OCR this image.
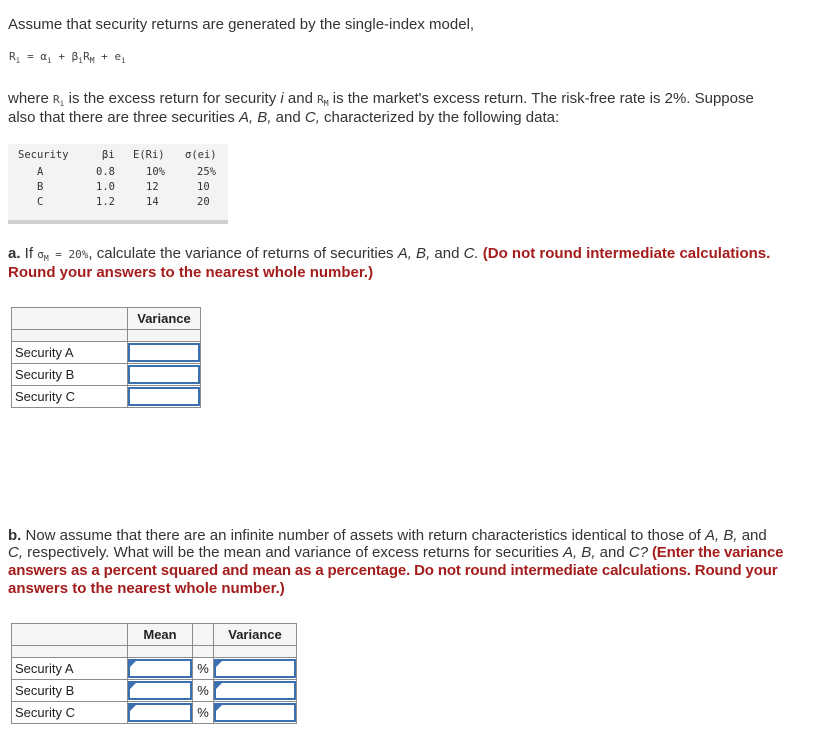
Assume that security returns are generated by the single-index model,

$R_i = \alpha_i + \beta_iR_M + e_i$

where $R_i$ is the excess return for security i and $R_M$ is the market's excess return. The risk-free rate is 2%. Suppose

also that there are three securities A, B, and C, characterized by the following data:

Security	βi E(Ri) σ(ei)
A	0.8	10%	25%
B	1.0	12	10
C	1.2	14	20

a. If $\sigma_M = 20\%$, calculate the variance of returns of securities A, B, and C. (Do not round intermediate calculations.

Round your answers to the nearest whole number.)

	Variance

Security A	

Security B	

Security C	

b. Now assume that there are an infinite number of assets with return characteristics identical to those of A, B, and

C, respectively. What will be the mean and variance of excess returns for securities A, B, and C? (Enter the variance

answers as a percent squared and mean as a percentage. Do not round intermediate calculations. Round your

answers to the nearest whole number.)

	Mean		Variance

Security A		%	

Security B		%	

Security C		%	
